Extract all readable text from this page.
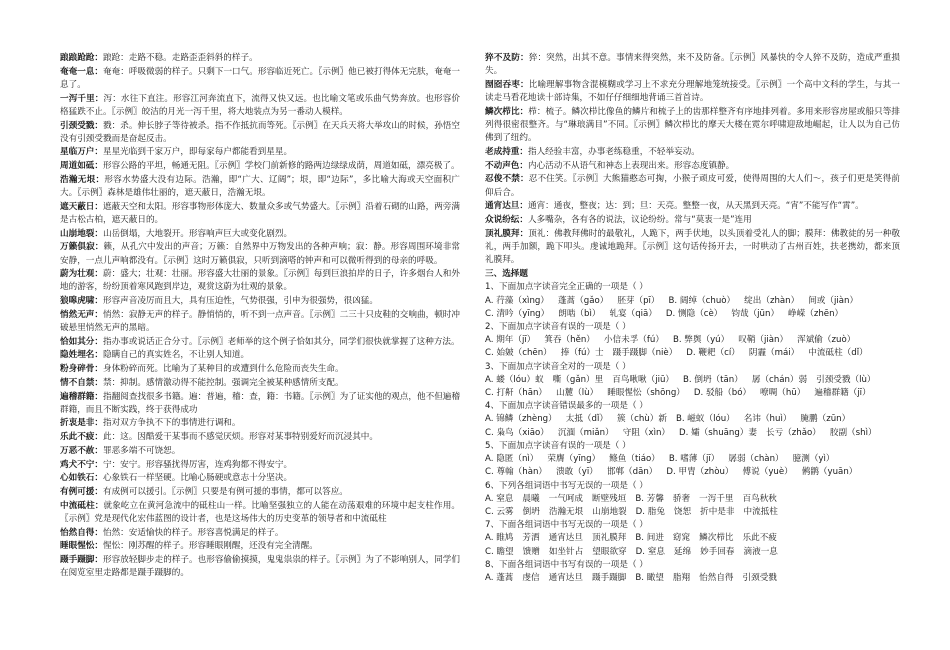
踉踉跄跄：踉跄：走路不稳。走路歪歪斜斜的样子。
奄奄一息：奄奄：呼吸微弱的样子。只剩下一口气。形容临近死亡。〖示例〗他已被打得体无完肤，奄奄一息了。
一泻千里：泻：水往下直注。形容江河奔流直下，流得又快又远。也比喻文笔或乐曲气势奔放。也形容价格猛跌不止。〖示例〗皎洁的月光一泻千里，将大地装点为另一番动人模样。
引颈受戮：戮：杀。伸长脖子等待被杀。指不作抵抗而等死。〖示例〗在天兵天将大举攻山的时候，孙悟空没有引颈受戮而是奋起反击。
星临万户：星星光临到千家万户，即每家每户都能看到星星。
周道如砥：形容公路的平坦，畅通无阻。〖示例〗学校门前新修的路两边绿绿成荫，周道如砥，漂亮极了。
浩瀚无垠：形容水势盛大没有边际。浩瀚，即“广大、辽阔”；垠，即“边际”，多比喻大海或天空面积广大。〖示例〗森林是雄伟壮丽的，遮天蔽日，浩瀚无垠。
遮天蔽日：遮蔽天空和太阳。形容事物形体庞大、数量众多或气势盛大。〖示例〗沿着石砌的山路，两旁满是古松古柏，遮天蔽日的。
山崩地裂：山岳倒塌，大地裂开。形容响声巨大或变化剧烈。
万籁俱寂：籁，从孔穴中发出的声音；万籁：自然界中万物发出的各种声响；寂：静。形容周围环境非常安静，一点儿声响都没有。〖示例〗这时万籁俱寂，只听到滴嗒的钟声和可以微听得到的母亲的呼吸。
蔚为壮观：蔚：盛大；壮观：壮丽。形容盛大壮丽的景象。〖示例〗每到巨浪拍岸的日子，许多烟台人和外地的游客，纷纷顶着寒风跑到岸边，观赏这蔚为壮观的景象。
狼嗥虎啸：形容声音凌厉而且大，具有压迫性，气势很强，引申为很强势，很凶猛。
悄然无声：悄然：寂静无声的样子。静悄悄的，听不到一点声音。〖示例〗二三十只皮鞋的交响曲，顿时冲破悬里悄然无声的黑暗。
恰如其分：指办事或说话正合分寸。〖示例〗老师举的这个例子恰如其分，同学们很快就掌握了这种方法。
隐姓埋名：隐瞒自己的真实姓名，不让别人知道。
粉身碎骨：身体粉碎而死。比喻为了某种目的或遭到什么危险而丧失生命。
情不自禁：禁：抑制。感情激动得不能控制。强调完全被某种感情所支配。
遍稽群籍：指翻阅查找很多书籍。遍：普遍，稽：查，籍：书籍。〖示例〗为了证实他的观点，他不但遍稽群籍，而且不断实践，终于获得成功
折衷是非：指对双方争执不下的事情进行调和。
乐此不疲：此：这。因酷爱干某事而不感觉厌烦。形容对某事特别爱好而沉浸其中。
万恶不赦：罪恶多端不可饶恕。
鸡犬不宁：宁：安宁。形容骚扰得厉害，连鸡狗都不得安宁。
心如铁石：心象铁石一样坚硬。比喻心肠硬或意志十分坚决。
有例可援：有成例可以援引。〖示例〗只要是有例可援的事情，都可以答应。
中流砥柱：就象屹立在黄河急流中的砥柱山一样。比喻坚强独立的人能在动荡艰难的环境中起支柱作用。〖示例〗党是现代化宏伟蓝图的设计者，也是这场伟大的历史变革的领导者和中流砥柱
怡然自得：怡然：安适愉快的样子。形容喜悦满足的样子。
睡眼惺忪：惺忪：刚苏醒的样子。形容睡眼刚醒，还没有完全清醒。
蹑手蹑脚：形容放轻脚步走的样子。也形容偷偷摸摸，鬼鬼祟祟的样子。〖示例〗为了不影响别人，同学们在阅览室里走路都是蹑手蹑脚的。
猝不及防：猝：突然，出其不意。事情来得突然，来不及防备。〖示例〗风暴快的令人猝不及防，造成严重损失。
囫囵吞枣：比喻理解事物含混模糊或学习上不求充分理解地笼统接受。〖示例〗一个高中文科的学生，与其一读走马看花地读十部诗集，不如仔仔细细地背诵三首首诗。
鳞次栉比：栉：梳子。鳞次栉比像鱼的鳞片和梳子上的齿那样整齐有序地排列着。多用来形容房屋或船只等排列得很密很整齐。与“琳琅满目”不同。〖示例〗鳞次栉比的摩天大楼在霓尔呼啸迎敌地崛起，让人以为自己仿佛到了纽约。
老成持重：指人经验丰富，办事老练稳重，不轻举妄动。
不动声色：内心活动不从语气和神态上表现出来。形容态度镇静。
忍俊不禁：忍不住笑。〖示例〗大熊猫憨态可掬，小猴子顽皮可爱，使得周围的大人们～，孩子们更是笑得前仰后合。
通宵达旦：通宵：通夜，整夜；达：到；旦：天亮。整整一夜，从天黑到天亮。“宵”不能写作“霄”。
众说纷纭：人多嘴杂，各有各的说法，议论纷纷。常与“莫衷一是”连用
顶礼膜拜：顶礼：佛教拜佛时的最敬礼，人跪下，两手伏地，以头顶着受礼人的脚；膜拜：佛教徒的另一种敬礼，两手加额，跪下叩头。虔诚地跪拜。〖示例〗这句话传扬开去，一时哄动了古州百姓，扶老携幼，都来顶礼膜拜。
三、选择题
1、下面加点字读音完全正确的一项是（ ）
A. 荇藻（xìng） 蓬蒿（gǎo） 胚芽（pī） B. 阔绰（chuò） 绽出（zhàn） 间或（jiàn）
C. 清吟（yīng） 朗啮（bì） 轧宴（qiā） D. 恻隐（cè） 钧哉（jūn） 峥嵘（zhēn）
2、下面加点字读音有误的一项是（ ）
A. 期年（jī） 箕吞（hěn） 小信未孚（fú） B. 弊舆（yú） 叹鞘（jiàn） 浑斌偷（zuò）
C. 始皴（chēn） 捧（fú）士 蹑手蹑脚（niè） D. 鞭耙（cí） 阴霾（mái） 中流砥柱（dǐ）
3、下面加点字读音全对的一项是（ ）
A. 蝼（lóu）蚁 嘶（gǎn）里 百鸟啾啾（jiū） B. 倒坍（tān） 孱（chán）弱 引颈受戮（lù）
C. 打鼾（hān） 山麓（lù） 睡眼惺忪（shōng） D. 驳船（bó） 嘹啁（hū） 遍稽群籍（jī）
4、下面加点字读音错误最多的一项是（ ）
A. 锦鳞（zhèng） 太抵（dǐ） 簇（chù）新 B. 嵫蚁（lóu） 名讳（huì） 腌鹏（zūn）
C. 枭鸟（xiāo） 沉湎（miǎn） 守阻（xìn） D. 孀（shuāng）妻 长亏（zhǎo） 胶副（shì）
5、下面加点字读音有误的一项是（ ）
A. 隐匿（nì） 荣膺（yīng） 鲦鱼（tiáo） B. 嗜薄（jī） 孱弱（chàn） 臆测（yì）
C. 尊翰（hàn） 溃敢（yī） 邯郸（dān） D. 甲胄（zhòu） 傅说（yuè） 鸺鹠（yuān）
6、下列各组词语中书写无误的一项是（ ）
A. 窒息 晨曦 一气呵成 断壁残垣 B. 芳馨 骄奢 一泻千里 百鸟秋秋
C. 云雾 倒坍 浩瀚无垠 山崩地裂 D. 脂兔 饶恕 折中是非 中流抵柱
7、下面各组词语中书写无误的一项是（ ）
A. 睢鸠 芳洒 通宵达旦 顶礼膜拜 B. 间进 窈窕 鳞次栉比 乐此不疲
C. 瞻望 馈赠 如坐针占 望眼欲穿 D. 窒息 延绵 妙手回春 滴液一息
8、下面各组词语中书写有误的一项是（ ）
A. 蓬蒿 虔信 通宵达旦 蹑手蹑脚 B. 瞰望 脂翔 怡然自得 引颈受戮
